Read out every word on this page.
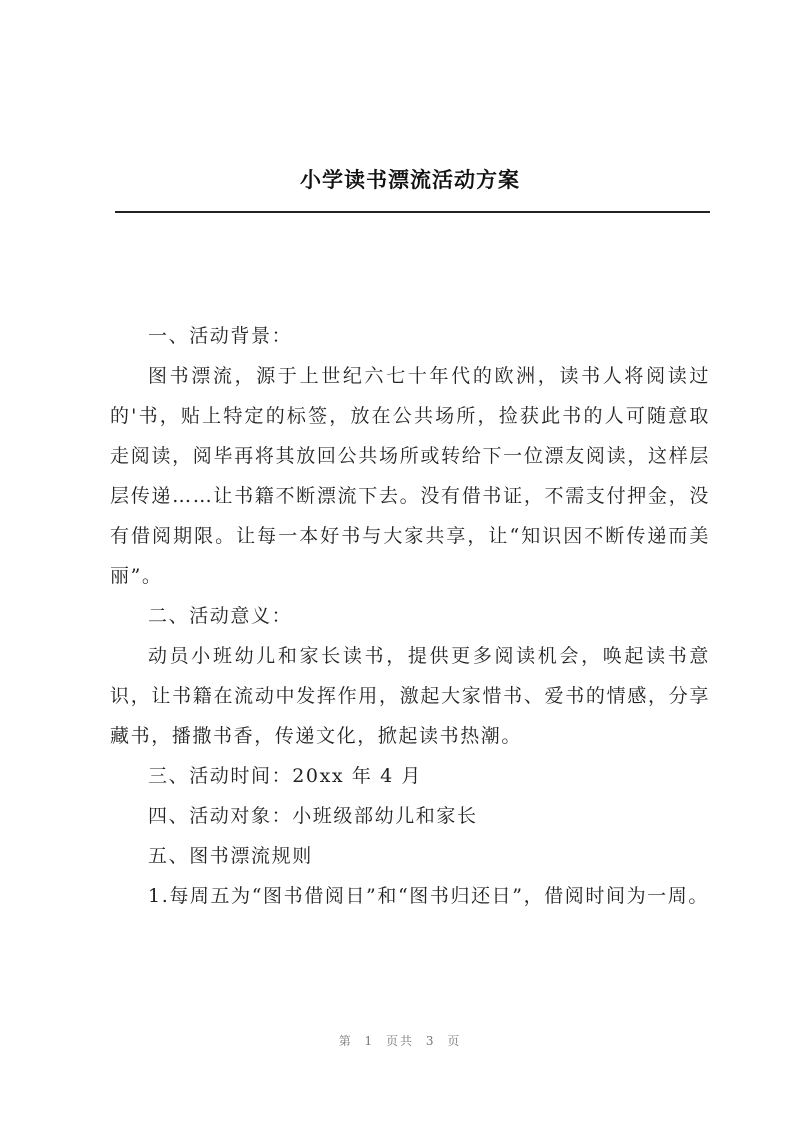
小学读书漂流活动方案

一、活动背景：

图书漂流，源于上世纪六七十年代的欧洲，读书人将阅读过的'书，贴上特定的标签，放在公共场所，捡获此书的人可随意取走阅读，阅毕再将其放回公共场所或转给下一位漂友阅读，这样层层传递……让书籍不断漂流下去。没有借书证，不需支付押金，没有借阅期限。让每一本好书与大家共享，让“知识因不断传递而美丽”。

二、活动意义：

动员小班幼儿和家长读书，提供更多阅读机会，唤起读书意识，让书籍在流动中发挥作用，激起大家惜书、爱书的情感，分享藏书，播撒书香，传递文化，掀起读书热潮。

三、活动时间：20xx 年 4 月

四、活动对象：小班级部幼儿和家长

五、图书漂流规则

1.每周五为“图书借阅日”和“图书归还日”，借阅时间为一周。

第 1 页共 3 页
